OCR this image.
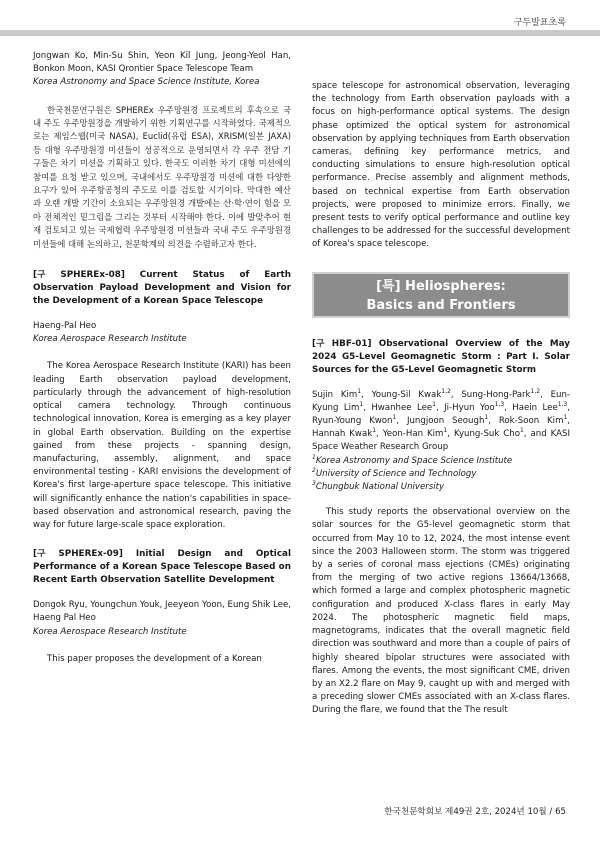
구두발표초록

Jongwan Ko, Min-Su Shin, Yeon Kil Jung, Jeong-Yeol Han, Bonkon Moon, KASI Qrontier Space Telescope Team

Korea Astronomy and Space Science Institute, Korea

한국천문연구원은 SPHEREx 우주망원경 프로젝트의 후속으로 국내 주도 우주망원경을 개발하기 위한 기획연구를 시작하였다. 국제적으로는 제임스웹(미국 NASA), Euclid(유럽 ESA), XRISM(일본 JAXA) 등 대형 우주망원경 미션들이 성공적으로 운영되면서 각 우주 전담 기구들은 차기 미션을 기획하고 있다. 한국도 이러한 차기 대형 미션에의 참여를 요청 받고 있으며, 국내에서도 우주망원경 미션에 대한 다양한 요구가 있어 우주항공청의 주도로 이를 검토할 시기이다. 막대한 예산과 오랜 개발 기간이 소요되는 우주망원경 개발에는 산·학·연이 힘을 모아 전체적인 밑그림을 그리는 것부터 시작해야 한다. 이에 발맞추어 현재 검토되고 있는 국제협력 우주망원경 미션들과 국내 주도 우주망원경 미션들에 대해 논의하고, 천문학계의 의견을 수렴하고자 한다.

[구 SPHEREx-08] Current Status of Earth Observation Payload Development and Vision for the Development of a Korean Space Telescope

Haeng-Pal Heo

Korea Aerospace Research Institute

The Korea Aerospace Research Institute (KARI) has been leading Earth observation payload development, particularly through the advancement of high-resolution optical camera technology. Through continuous technological innovation, Korea is emerging as a key player in global Earth observation. Building on the expertise gained from these projects - spanning design, manufacturing, assembly, alignment, and space environmental testing - KARI envisions the development of Korea's first large-aperture space telescope. This initiative will significantly enhance the nation's capabilities in space-based observation and astronomical research, paving the way for future large-scale space exploration.

[구 SPHEREx-09] Initial Design and Optical Performance of a Korean Space Telescope Based on Recent Earth Observation Satellite Development

Dongok Ryu, Youngchun Youk, Jeeyeon Yoon, Eung Shik Lee, Haeng Pal Heo

Korea Aerospace Research Institute

This paper proposes the development of a Korean

space telescope for astronomical observation, leveraging the technology from Earth observation payloads with a focus on high-performance optical systems. The design phase optimized the optical system for astronomical observation by applying techniques from Earth observation cameras, defining key performance metrics, and conducting simulations to ensure high-resolution optical performance. Precise assembly and alignment methods, based on technical expertise from Earth observation projects, were proposed to minimize errors. Finally, we present tests to verify optical performance and outline key challenges to be addressed for the successful development of Korea's space telescope.

[특] Heliospheres:
Basics and Frontiers

[구 HBF-01] Observational Overview of the May 2024 G5-Level Geomagnetic Storm : Part I. Solar Sources for the G5-Level Geomagnetic Storm

Sujin Kim$^1$, Young-Sil Kwak$^{1,2}$, Sung-Hong-Park$^{1,2}$, Eun-Kyung Lim$^1$, Hwanhee Lee$^1$, Ji-Hyun Yoo$^{1,3}$, Haein Lee$^{1,3}$, Ryun-Young Kwon$^1$, Jungjoon Seough$^1$, Rok-Soon Kim$^1$, Hannah Kwak$^1$, Yeon-Han Kim$^1$, Kyung-Suk Cho$^1$, and KASI Space Weather Research Group

$^1$Korea Astronomy and Space Science Institute

$^2$University of Science and Technology

$^3$Chungbuk National University

This study reports the observational overview on the solar sources for the G5-level geomagnetic storm that occurred from May 10 to 12, 2024, the most intense event since the 2003 Halloween storm. The storm was triggered by a series of coronal mass ejections (CMEs) originating from the merging of two active regions 13664/13668, which formed a large and complex photospheric magnetic configuration and produced X-class flares in early May 2024. The photospheric magnetic field maps, magnetograms, indicates that the overall magnetic field direction was southward and more than a couple of pairs of highly sheared bipolar structures were associated with flares. Among the events, the most significant CME, driven by an X2.2 flare on May 9, caught up with and merged with a preceding slower CMEs associated with an X-class flares. During the flare, we found that the The result

한국천문학회보 제49권 2호, 2024년 10월 / 65
